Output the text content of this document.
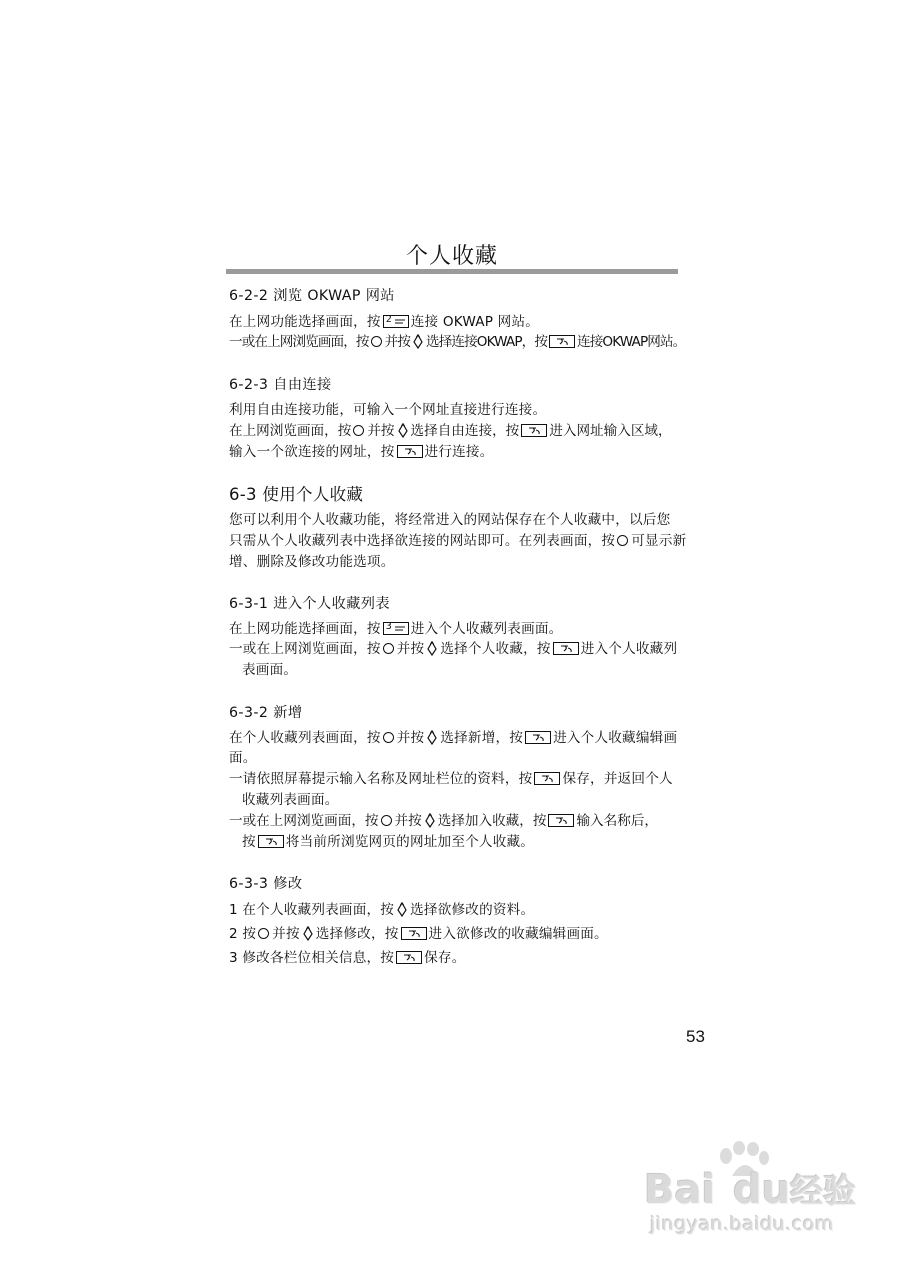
个人收藏
6-2-2 浏览 OKWAP 网站
在上网功能选择画面，按 2 连接 OKWAP 网站。
一或在上网浏览画面，按 并按 选择连接OKWAP，按 连接OKWAP网站。
6-2-3 自由连接
利用自由连接功能，可输入一个网址直接进行连接。
在上网浏览画面，按 并按 选择自由连接，按 进入网址输入区域，
输入一个欲连接的网址，按 进行连接。
6-3 使用个人收藏
您可以利用个人收藏功能，将经常进入的网站保存在个人收藏中，以后您
只需从个人收藏列表中选择欲连接的网站即可。在列表画面，按 可显示新
增、删除及修改功能选项。
6-3-1 进入个人收藏列表
在上网功能选择画面，按 3 进入个人收藏列表画面。
一或在上网浏览画面，按 并按 选择个人收藏，按 进入个人收藏列
表画面。
6-3-2 新增
在个人收藏列表画面，按 并按 选择新增，按 进入个人收藏编辑画
面。
一请依照屏幕提示输入名称及网址栏位的资料，按 保存，并返回个人
收藏列表画面。
一或在上网浏览画面，按 并按 选择加入收藏，按 输入名称后，
按 将当前所浏览网页的网址加至个人收藏。
6-3-3 修改
1 在个人收藏列表画面，按 选择欲修改的资料。
2 按 并按 选择修改，按 进入欲修改的收藏编辑画面。
3 修改各栏位相关信息，按 保存。
53
Bai du 经验
jingyan.baidu.com
